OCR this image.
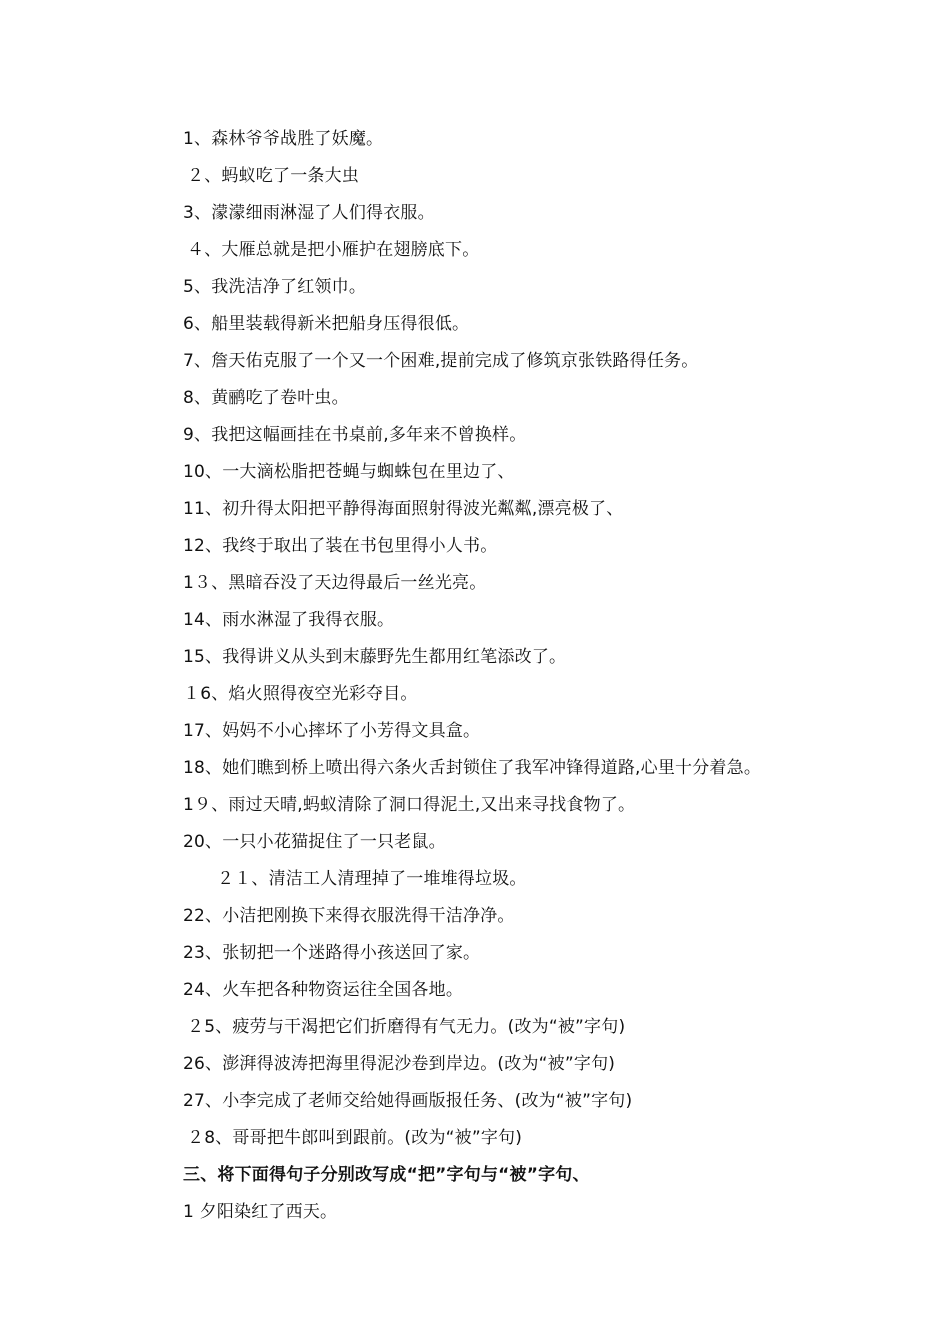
1、森林爷爷战胜了妖魔。
２、蚂蚁吃了一条大虫
3、濛濛细雨淋湿了人们得衣服。
４、大雁总就是把小雁护在翅膀底下。
5、我洗洁净了红领巾。
6、船里装载得新米把船身压得很低。
7、詹天佑克服了一个又一个困难,提前完成了修筑京张铁路得任务。
8、黄鹂吃了卷叶虫。
9、我把这幅画挂在书桌前,多年来不曾换样。
10、一大滴松脂把苍蝇与蜘蛛包在里边了、
11、初升得太阳把平静得海面照射得波光粼粼,漂亮极了、
12、我终于取出了装在书包里得小人书。
1３、黑暗吞没了天边得最后一丝光亮。
14、雨水淋湿了我得衣服。
15、我得讲义从头到末藤野先生都用红笔添改了。
１6、焰火照得夜空光彩夺目。
17、妈妈不小心摔坏了小芳得文具盒。
18、她们瞧到桥上喷出得六条火舌封锁住了我军冲锋得道路,心里十分着急。
1９、雨过天晴,蚂蚁清除了洞口得泥土,又出来寻找食物了。
20、一只小花猫捉住了一只老鼠。
２１、清洁工人清理掉了一堆堆得垃圾。
22、小洁把刚换下来得衣服洗得干洁净净。
23、张韧把一个迷路得小孩送回了家。
24、火车把各种物资运往全国各地。
２5、疲劳与干渴把它们折磨得有气无力。(改为“被”字句)
26、澎湃得波涛把海里得泥沙卷到岸边。(改为“被”字句)
27、小李完成了老师交给她得画版报任务、(改为“被”字句)
２8、哥哥把牛郎叫到跟前。(改为“被”字句)
三、将下面得句子分别改写成“把”字句与“被”字句、
1 夕阳染红了西天。
